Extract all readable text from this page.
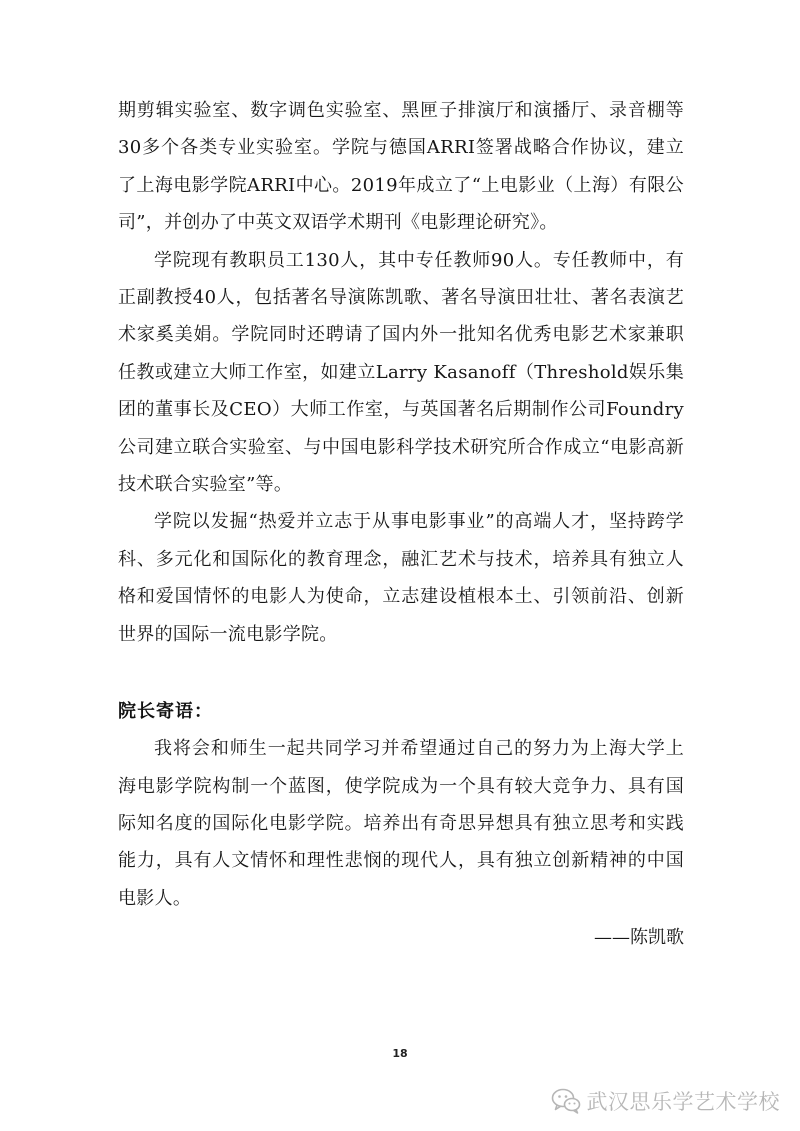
期剪辑实验室、数字调色实验室、黑匣子排演厅和演播厅、录音棚等30多个各类专业实验室。学院与德国ARRI签署战略合作协议，建立了上海电影学院ARRI中心。2019年成立了“上电影业（上海）有限公司”，并创办了中英文双语学术期刊《电影理论研究》。

学院现有教职员工130人，其中专任教师90人。专任教师中，有正副教授40人，包括著名导演陈凯歌、著名导演田壮壮、著名表演艺术家奚美娟。学院同时还聘请了国内外一批知名优秀电影艺术家兼职任教或建立大师工作室，如建立Larry Kasanoff（Threshold娱乐集团的董事长及CEO）大师工作室，与英国著名后期制作公司Foundry公司建立联合实验室、与中国电影科学技术研究所合作成立“电影高新技术联合实验室”等。

学院以发掘“热爱并立志于从事电影事业”的高端人才，坚持跨学科、多元化和国际化的教育理念，融汇艺术与技术，培养具有独立人格和爱国情怀的电影人为使命，立志建设植根本土、引领前沿、创新世界的国际一流电影学院。

院长寄语：

我将会和师生一起共同学习并希望通过自己的努力为上海大学上海电影学院构制一个蓝图，使学院成为一个具有较大竞争力、具有国际知名度的国际化电影学院。培养出有奇思异想具有独立思考和实践能力，具有人文情怀和理性悲悯的现代人，具有独立创新精神的中国电影人。

——陈凯歌

18
武汉思乐学艺术学校
